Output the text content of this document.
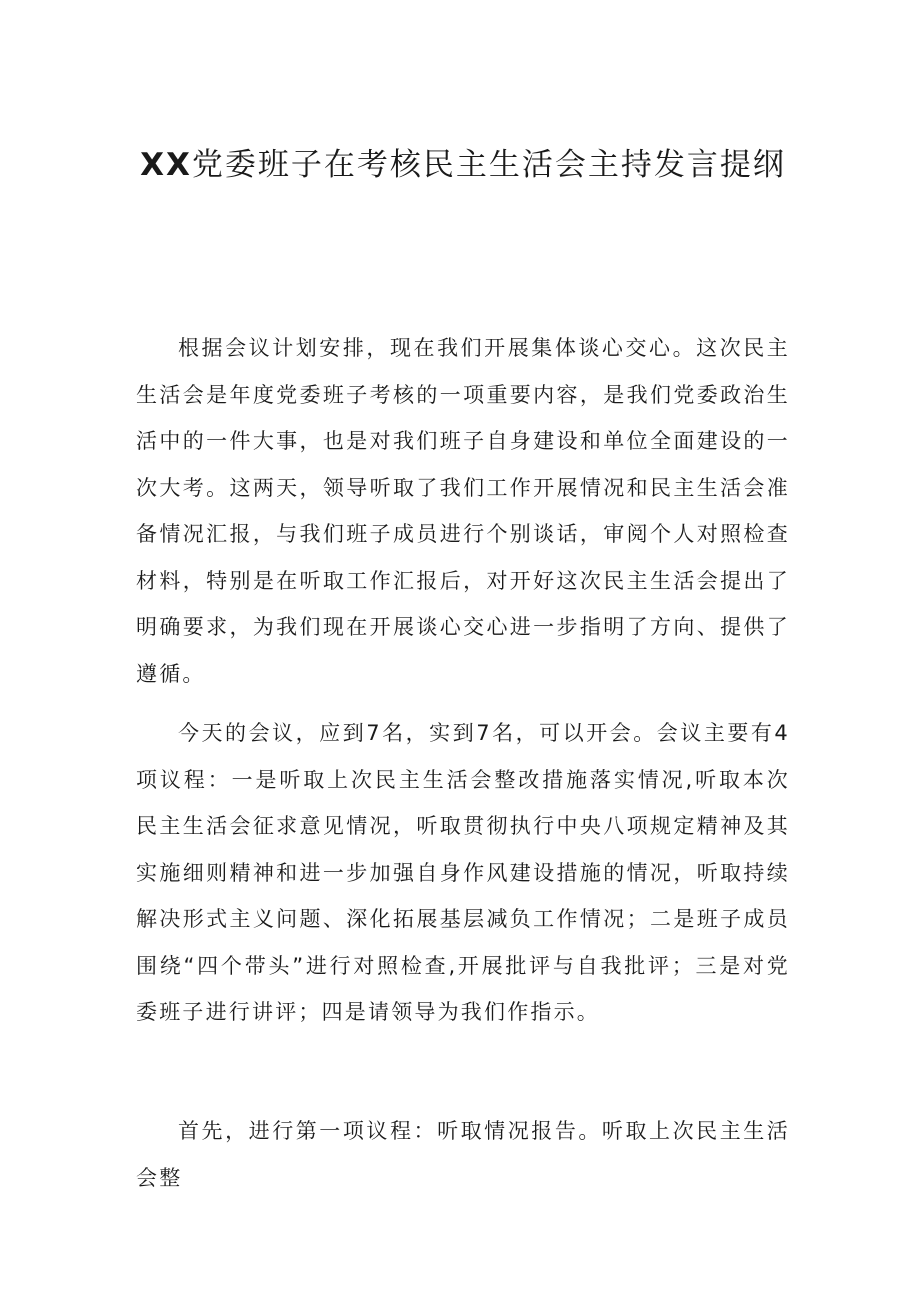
XX党委班子在考核民主生活会主持发言提纲

根据会议计划安排，现在我们开展集体谈心交心。这次民主生活会是年度党委班子考核的一项重要内容，是我们党委政治生活中的一件大事，也是对我们班子自身建设和单位全面建设的一次大考。这两天，领导听取了我们工作开展情况和民主生活会准备情况汇报，与我们班子成员进行个别谈话，审阅个人对照检查材料，特别是在听取工作汇报后，对开好这次民主生活会提出了明确要求，为我们现在开展谈心交心进一步指明了方向、提供了遵循。

今天的会议，应到7名，实到7名，可以开会。会议主要有4项议程：一是听取上次民主生活会整改措施落实情况,听取本次民主生活会征求意见情况，听取贯彻执行中央八项规定精神及其实施细则精神和进一步加强自身作风建设措施的情况，听取持续解决形式主义问题、深化拓展基层减负工作情况；二是班子成员围绕“四个带头”进行对照检查,开展批评与自我批评；三是对党委班子进行讲评；四是请领导为我们作指示。

首先，进行第一项议程：听取情况报告。听取上次民主生活会整
